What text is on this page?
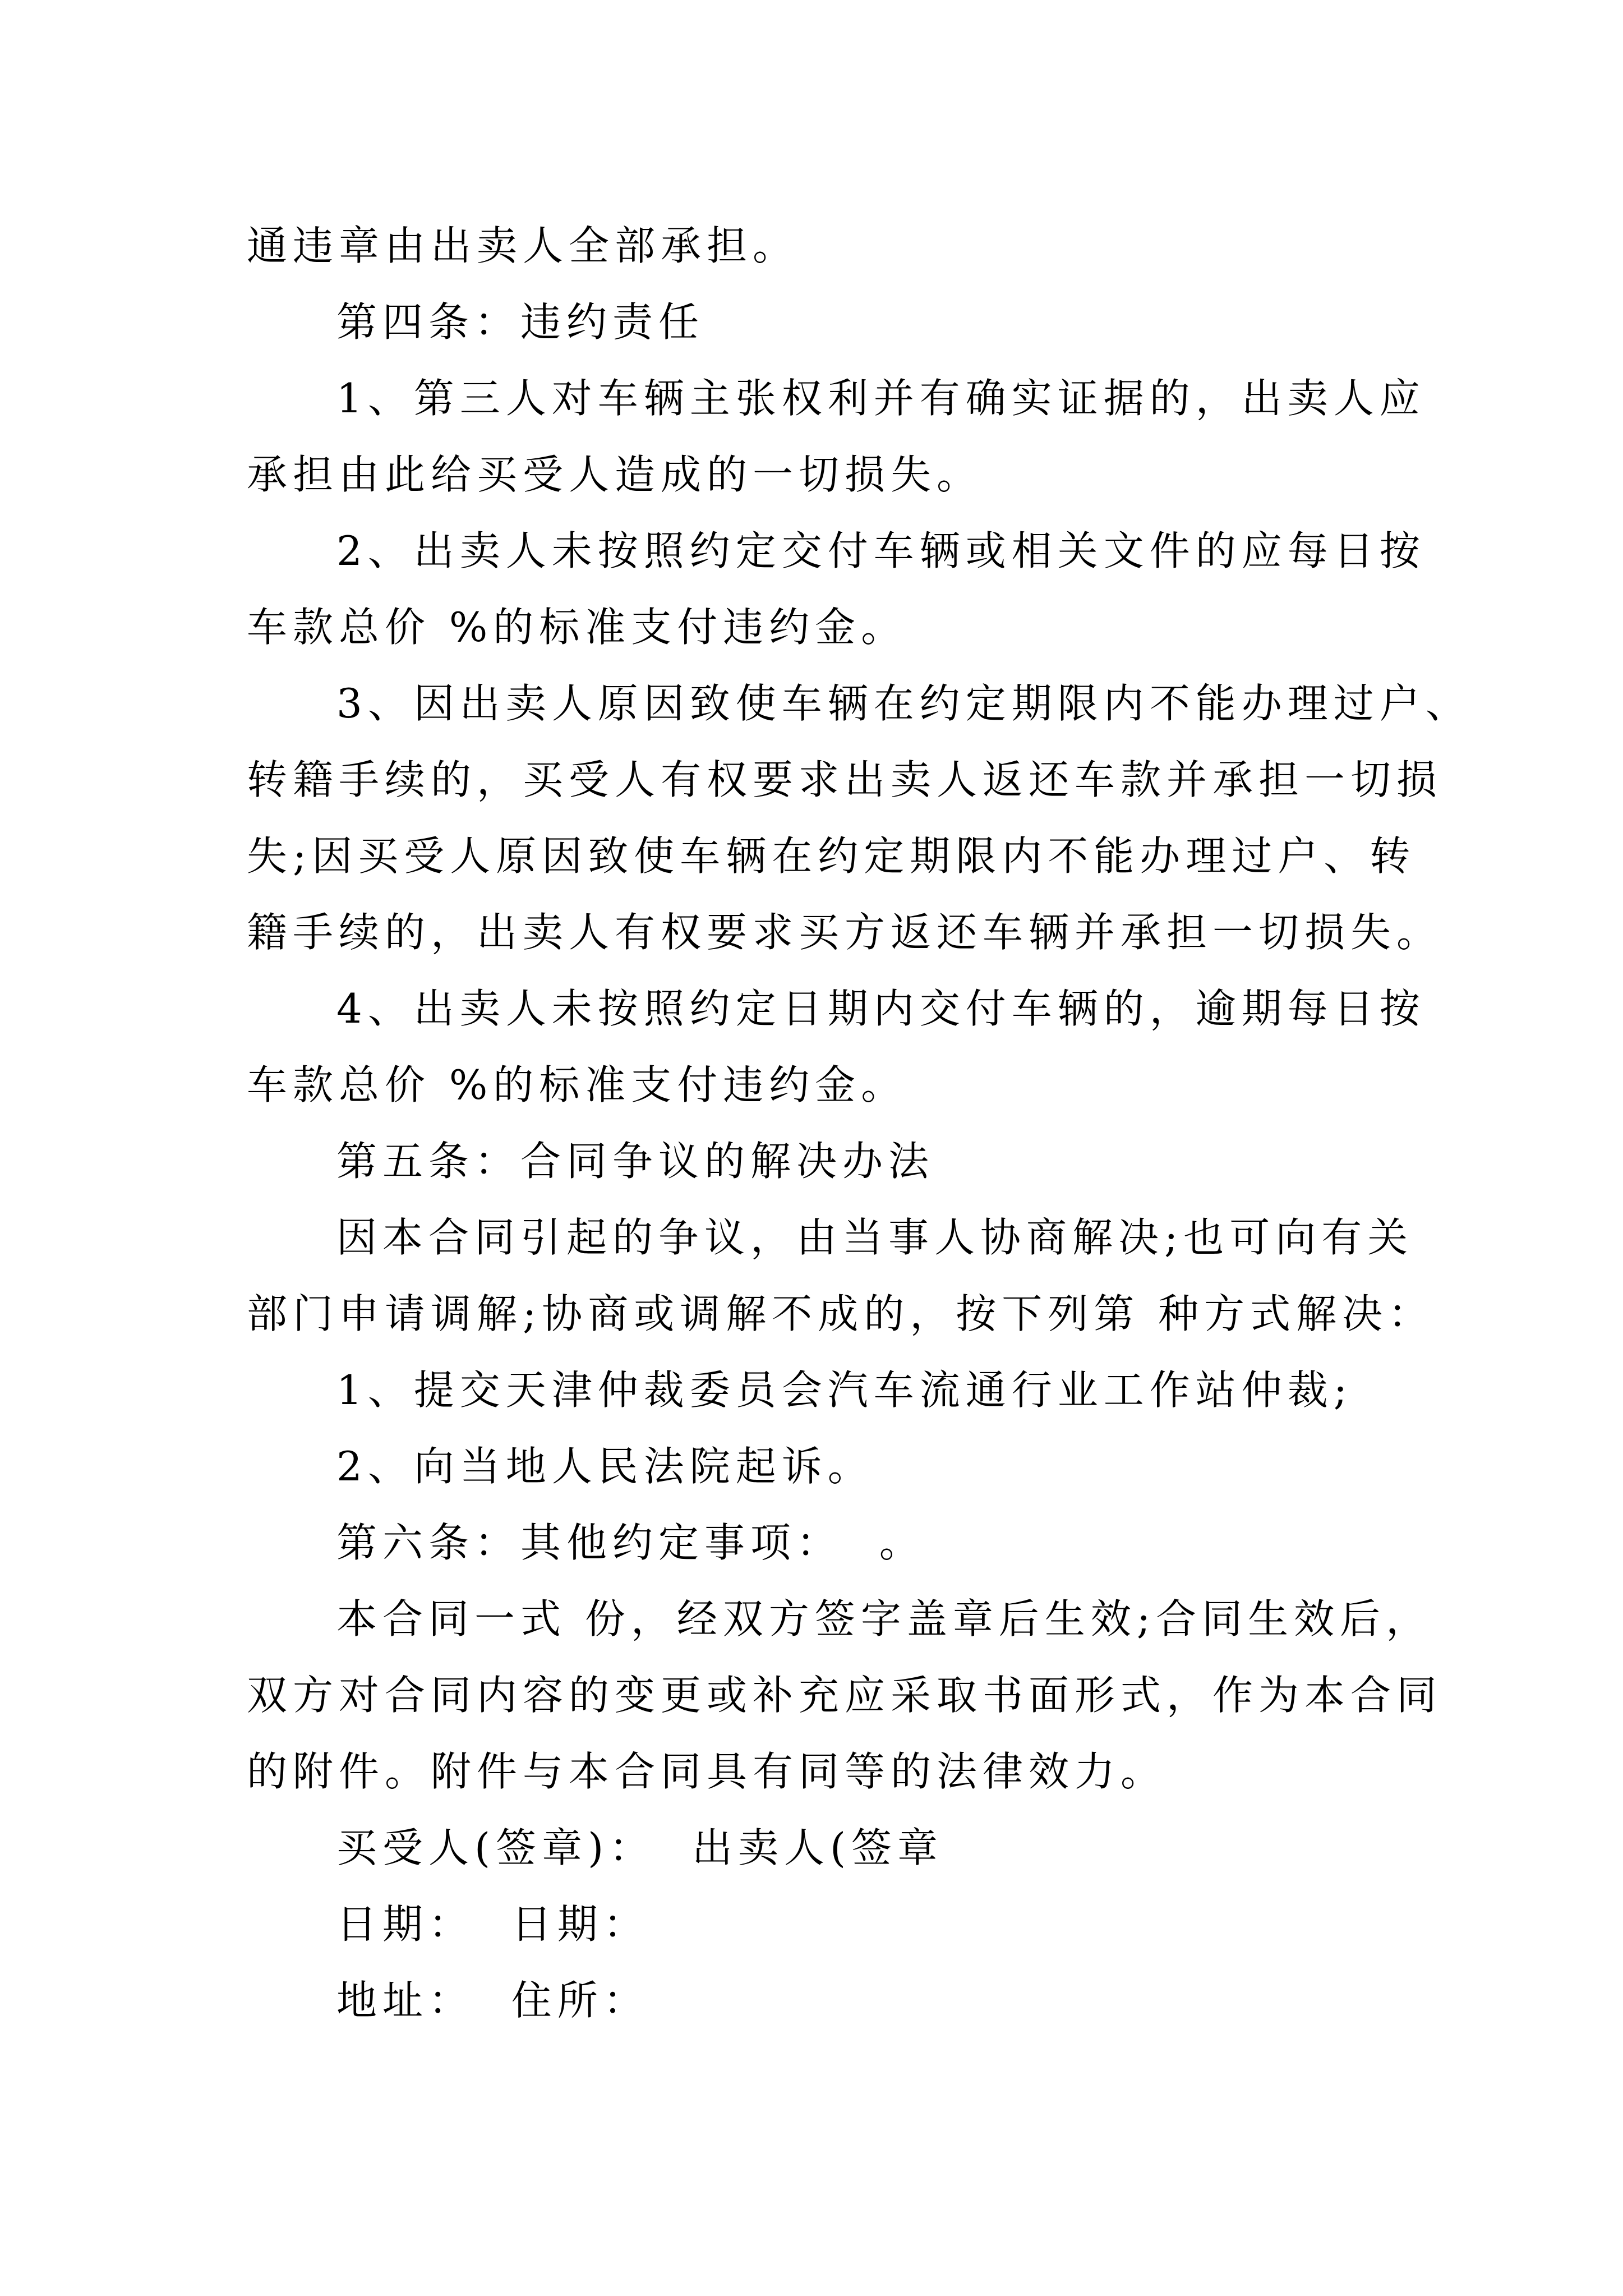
通违章由出卖人全部承担。
第四条：违约责任
1、第三人对车辆主张权利并有确实证据的，出卖人应
承担由此给买受人造成的一切损失。
2、出卖人未按照约定交付车辆或相关文件的应每日按
车款总价 %的标准支付违约金。
3、因出卖人原因致使车辆在约定期限内不能办理过户、
转籍手续的，买受人有权要求出卖人返还车款并承担一切损
失;因买受人原因致使车辆在约定期限内不能办理过户、转
籍手续的，出卖人有权要求买方返还车辆并承担一切损失。
4、出卖人未按照约定日期内交付车辆的，逾期每日按
车款总价 %的标准支付违约金。
第五条：合同争议的解决办法
因本合同引起的争议，由当事人协商解决;也可向有关
部门申请调解;协商或调解不成的，按下列第 种方式解决：
1、提交天津仲裁委员会汽车流通行业工作站仲裁;
2、向当地人民法院起诉。
第六条：其他约定事项：  。
本合同一式 份，经双方签字盖章后生效;合同生效后，
双方对合同内容的变更或补充应采取书面形式，作为本合同
的附件。附件与本合同具有同等的法律效力。
买受人(签章)：  出卖人(签章
日期：  日期：
地址：  住所：
